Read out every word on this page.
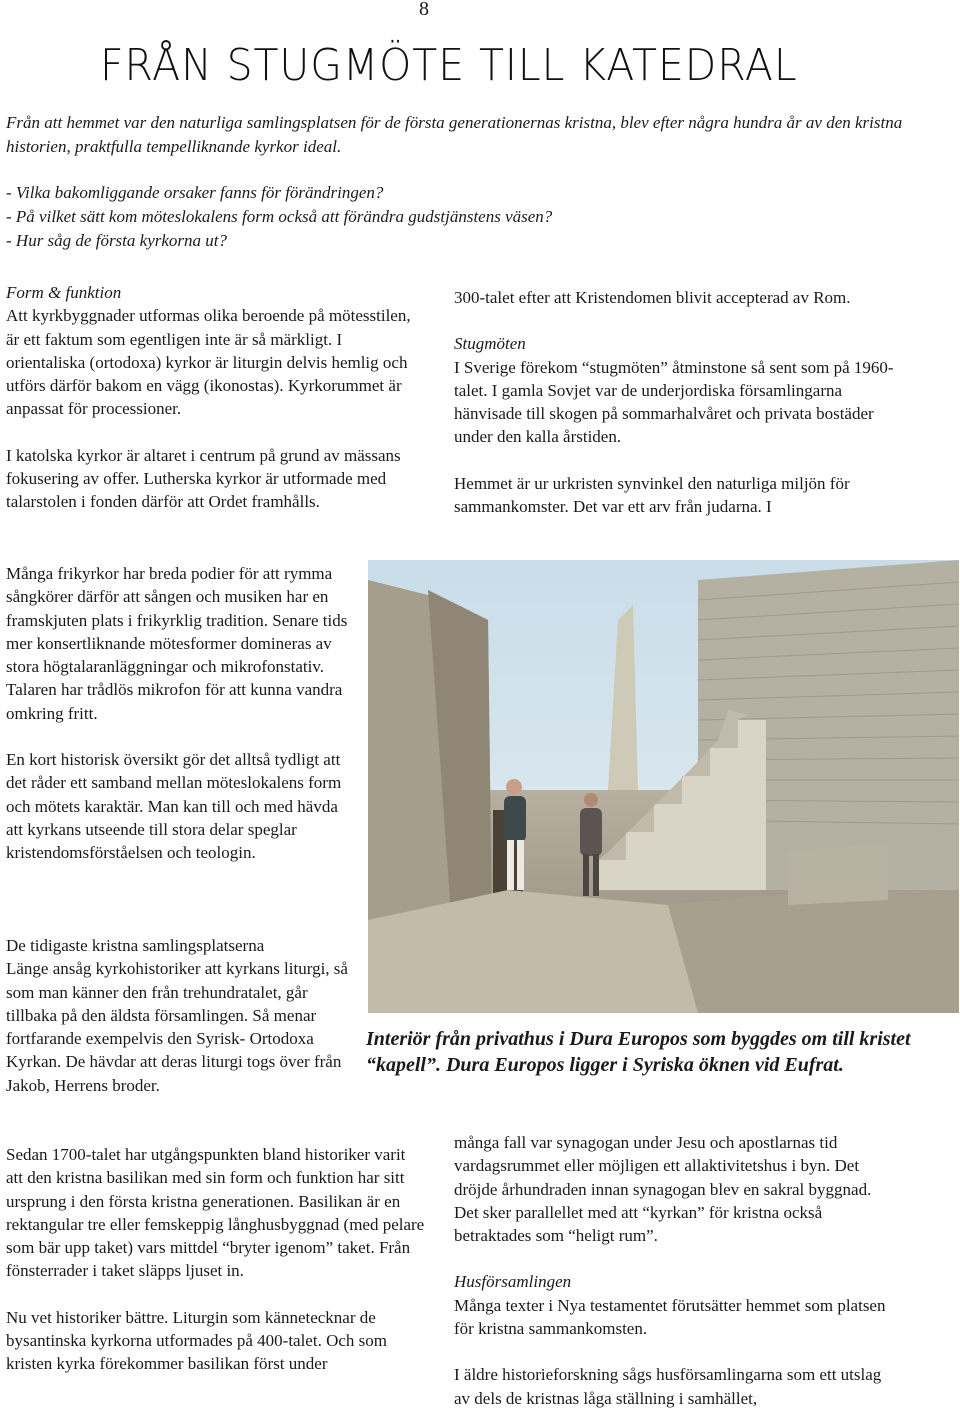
8
FRÅN STUGMÖTE TILL KATEDRAL

Från att hemmet var den naturliga samlingsplatsen för de första generationernas kristna, blev efter några hundra år av den kristna historien, praktfulla tempelliknande kyrkor ideal.

- Vilka bakomliggande orsaker fanns för förändringen?
- På vilket sätt kom möteslokalens form också att förändra gudstjänstens väsen?
- Hur såg de första kyrkorna ut?

Form & funktion

Att kyrkbyggnader utformas olika beroende på mötesstilen, är ett faktum som egentligen inte är så märkligt. I orientaliska (ortodoxa) kyrkor är liturgin delvis hemlig och utförs därför bakom en vägg (ikonostas). Kyrkorummet är anpassat för processioner.

I katolska kyrkor är altaret i centrum på grund av mässans fokusering av offer. Lutherska kyrkor är utformade med talarstolen i fonden därför att Ordet framhålls.

300-talet efter att Kristendomen blivit accepterad av Rom.

Stugmöten

I Sverige förekom “stugmöten” åtminstone så sent som på 1960-talet. I gamla Sovjet var de underjordiska församlingarna hänvisade till skogen på sommarhalvåret och privata bostäder under den kalla årstiden.

Hemmet är ur urkristen synvinkel den naturliga miljön för sammankomster. Det var ett arv från judarna. I

Många frikyrkor har breda podier för att rymma sångkörer därför att sången och musiken har en framskjuten plats i frikyrklig tradition. Senare tids mer konsertliknande mötesformer domineras av stora högtalaranläggningar och mikrofonstativ. Talaren har trådlös mikrofon för att kunna vandra omkring fritt.

En kort historisk översikt gör det alltså tydligt att det råder ett samband mellan möteslokalens form och mötets karaktär. Man kan till och med hävda att kyrkans utseende till stora delar speglar kristendomsförståelsen och teologin.

Interiör från privathus i Dura Europos som byggdes om till kristet “kapell”. Dura Europos ligger i Syriska öknen vid Eufrat.

De tidigaste kristna samlingsplatserna

Länge ansåg kyrkohistoriker att kyrkans liturgi, så som man känner den från trehundratalet, går tillbaka på den äldsta församlingen. Så menar fortfarande exempelvis den Syrisk- Ortodoxa Kyrkan. De hävdar att deras liturgi togs över från Jakob, Herrens broder.

Sedan 1700-talet har utgångspunkten bland historiker varit att den kristna basilikan med sin form och funktion har sitt ursprung i den första kristna generationen. Basilikan är en rektangular tre eller femskeppig långhusbyggnad (med pelare som bär upp taket) vars mittdel “bryter igenom” taket. Från fönsterrader i taket släpps ljuset in.

Nu vet historiker bättre. Liturgin som kännetecknar de bysantinska kyrkorna utformades på 400-talet. Och som kristen kyrka förekommer basilikan först under

många fall var synagogan under Jesu och apostlarnas tid vardagsrummet eller möjligen ett allaktivitetshus i byn. Det dröjde århundraden innan synagogan blev en sakral byggnad. Det sker parallellet med att “kyrkan” för kristna också betraktades som “heligt rum”.

Husförsamlingen

Många texter i Nya testamentet förutsätter hemmet som platsen för kristna sammankomsten.

I äldre historieforskning sågs husförsamlingarna som ett utslag av dels de kristnas låga ställning i samhället,
